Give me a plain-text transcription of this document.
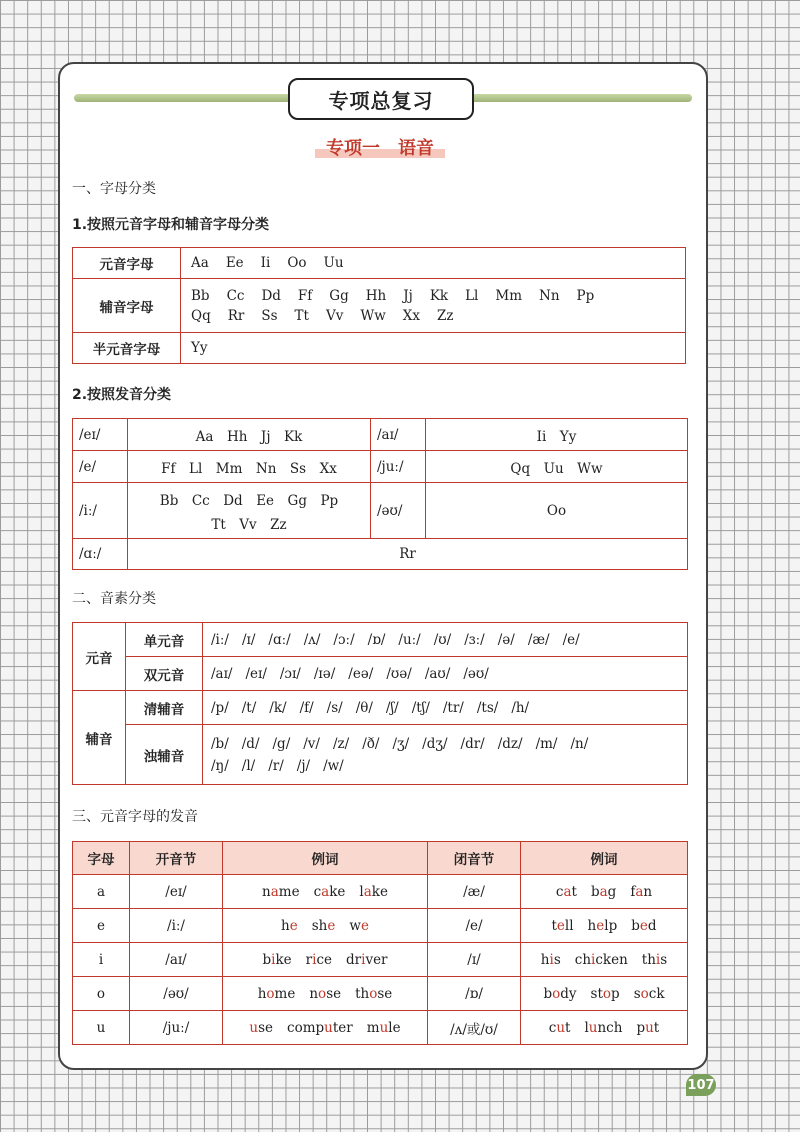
专项总复习
专项一　语音
一、字母分类
1.按照元音字母和辅音字母分类
元音字母	Aa Ee Ii Oo Uu
辅音字母	Bb Cc Dd Ff Gg Hh Jj Kk Ll Mm Nn Pp
Qq Rr Ss Tt Vv Ww Xx Zz

半元音字母	Yy
2.按照发音分类
/eɪ/	Aa　Hh　Jj　Kk	/aɪ/	Ii　Yy
/e/	Ff　Ll　Mm　Nn　Ss　Xx	/juː/	Qq　Uu　Ww
/iː/	Bb　Cc　Dd　Ee　Gg　Pp
Tt　Vv　Zz	/əʊ/	Oo
/ɑː/	Rr		
二、音素分类
元音	单元音	/iː/ /ɪ/ /ɑː/ /ʌ/ /ɔː/ /ɒ/ /uː/ /ʊ/ /ɜː/ /ə/ /æ/ /e/
	双元音	/aɪ/ /eɪ/ /ɔɪ/ /ɪə/ /eə/ /ʊə/ /aʊ/ /əʊ/
辅音	清辅音	/p/ /t/ /k/ /f/ /s/ /θ/ /ʃ/ /tʃ/ /tr/ /ts/ /h/
	浊辅音	/b/ /d/ /g/ /v/ /z/ /ð/ /ʒ/ /dʒ/ /dr/ /dz/ /m/ /n/
/ŋ/ /l/ /r/ /j/ /w/
三、元音字母的发音
字母	开音节	例词	闭音节	例词
a	/eɪ/	name cake lake	/æ/	cat bag fan
e	/iː/	he she we	/e/	tell help bed
i	/aɪ/	bike rice driver	/ɪ/	his chicken this
o	/əʊ/	home nose those	/ɒ/	body stop sock
u	/juː/	use computer mule	/ʌ/或/ʊ/	cut lunch put
107
